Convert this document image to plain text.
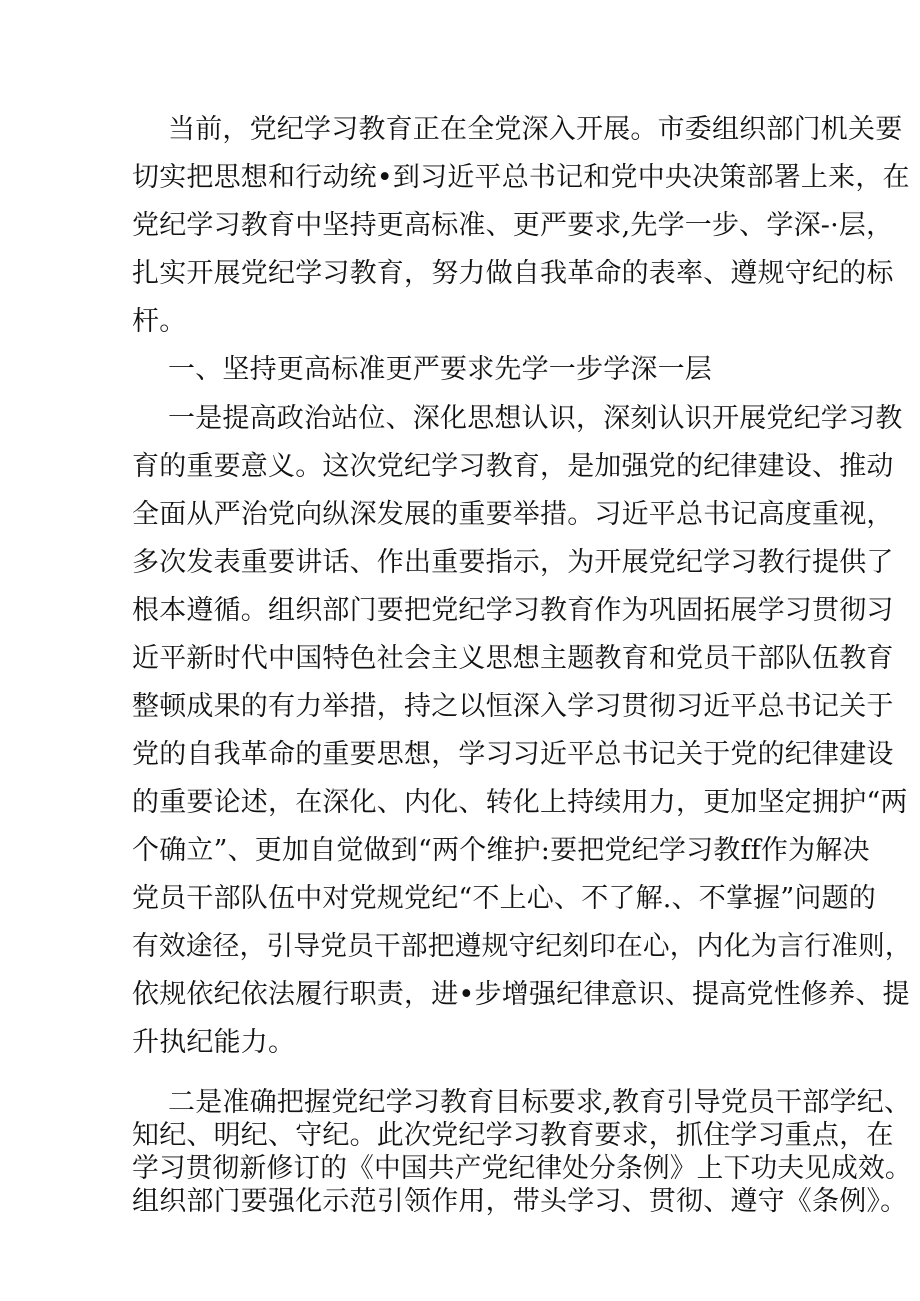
当前，党纪学习教育正在全党深入开展。市委组织部门机关要
切实把思想和行动统•到习近平总书记和党中央决策部署上来，在
党纪学习教育中坚持更高标准、更严要求,先学一步、学深-·层，
扎实开展党纪学习教育，努力做自我革命的表率、遵规守纪的标
杆。
一、坚持更高标准更严要求先学一步学深一层
一是提高政治站位、深化思想认识，深刻认识开展党纪学习教
育的重要意义。这次党纪学习教育，是加强党的纪律建设、推动
全面从严治党向纵深发展的重要举措。习近平总书记高度重视，
多次发表重要讲话、作出重要指示，为开展党纪学习教行提供了
根本遵循。组织部门要把党纪学习教育作为巩固拓展学习贯彻习
近平新时代中国特色社会主义思想主题教育和党员干部队伍教育
整顿成果的有力举措，持之以恒深入学习贯彻习近平总书记关于
党的自我革命的重要思想，学习习近平总书记关于党的纪律建设
的重要论述，在深化、内化、转化上持续用力，更加坚定拥护“两
个确立”、更加自觉做到“两个维护:要把党纪学习教ff作为解决
党员干部队伍中对党规党纪“不上心、不了解.、不掌握”问题的
有效途径，引导党员干部把遵规守纪刻印在心，内化为言行准则，
依规依纪依法履行职责，进•步增强纪律意识、提高党性修养、提
升执纪能力。
二是准确把握党纪学习教育目标要求,教育引导党员干部学纪、
知纪、明纪、守纪。此次党纪学习教育要求，抓住学习重点，在
学习贯彻新修订的《中国共产党纪律处分条例》上下功夫见成效。
组织部门要强化示范引领作用，带头学习、贯彻、遵守《条例》。
